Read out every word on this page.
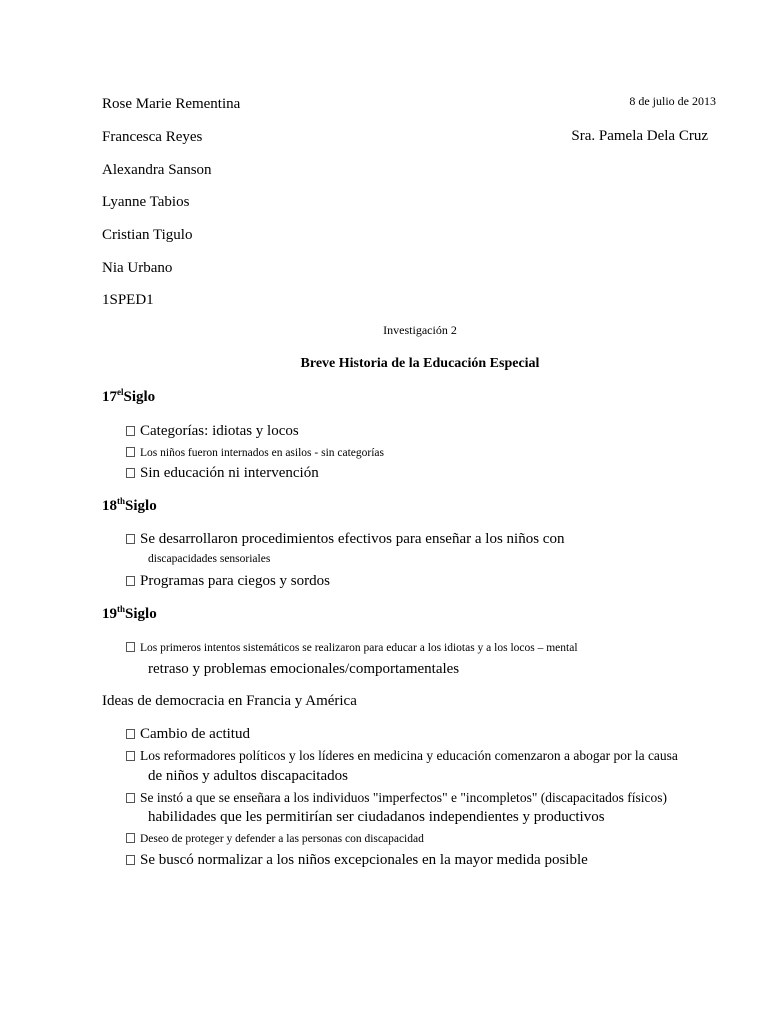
Rose Marie Rementina
Francesca Reyes
Alexandra Sanson
Lyanne Tabios
Cristian Tigulo
Nia Urbano
1SPED1
8 de julio de 2013
Sra. Pamela Dela Cruz
Investigación 2
Breve Historia de la Educación Especial
$17^{el}Siglo$
Categorías: idiotas y locos
Los niños fueron internados en asilos - sin categorías
Sin educación ni intervención
18thSiglo
Se desarrollaron procedimientos efectivos para enseñar a los niños con
discapacidades sensoriales
Programas para ciegos y sordos
19thSiglo
Los primeros intentos sistemáticos se realizaron para educar a los idiotas y a los locos – mental
retraso y problemas emocionales/comportamentales
Ideas de democracia en Francia y América
Cambio de actitud
Los reformadores políticos y los líderes en medicina y educación comenzaron a abogar por la causa
de niños y adultos discapacitados
Se instó a que se enseñara a los individuos "imperfectos" e "incompletos" (discapacitados físicos)
habilidades que les permitirían ser ciudadanos independientes y productivos
Deseo de proteger y defender a las personas con discapacidad
Se buscó normalizar a los niños excepcionales en la mayor medida posible
